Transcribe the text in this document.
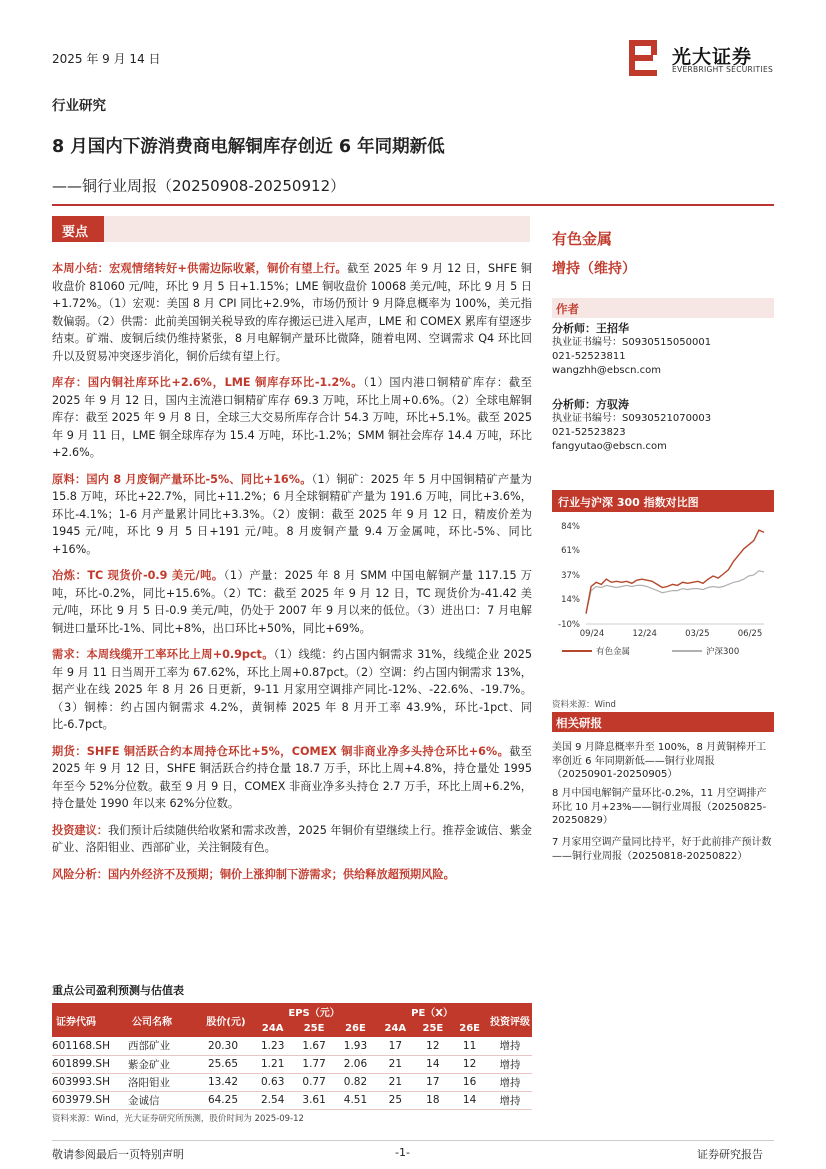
2025 年 9 月 14 日	光大证券
EVERBRIGHT SECURITIES
行业研究
8 月国内下游消费商电解铜库存创近 6 年同期新低
——铜行业周报（20250908-20250912）
要点

本周小结：宏观情绪转好+供需边际收紧，铜价有望上行。截至 2025 年 9 月 12 日，SHFE 铜收盘价 81060 元/吨，环比 9 月 5 日+1.15%；LME 铜收盘价 10068 美元/吨，环比 9 月 5 日+1.72%。（1）宏观：美国 8 月 CPI 同比+2.9%，市场仍预计 9 月降息概率为 100%，美元指数偏弱。（2）供需：此前美国铜关税导致的库存搬运已进入尾声，LME 和 COMEX 累库有望逐步结束。矿端、废铜后续仍维持紧张，8 月电解铜产量环比微降，随着电网、空调需求 Q4 环比回升以及贸易冲突逐步消化，铜价后续有望上行。

库存：国内铜社库环比+2.6%，LME 铜库存环比-1.2%。（1）国内港口铜精矿库存：截至 2025 年 9 月 12 日，国内主流港口铜精矿库存 69.3 万吨，环比上周+0.6%。（2）全球电解铜库存：截至 2025 年 9 月 8 日，全球三大交易所库存合计 54.3 万吨，环比+5.1%。截至 2025 年 9 月 11 日，LME 铜全球库存为 15.4 万吨，环比-1.2%；SMM 铜社会库存 14.4 万吨，环比+2.6%。

原料：国内 8 月废铜产量环比-5%、同比+16%。（1）铜矿：2025 年 5 月中国铜精矿产量为 15.8 万吨，环比+22.7%，同比+11.2%；6 月全球铜精矿产量为 191.6 万吨，同比+3.6%，环比-4.1%；1-6 月产量累计同比+3.3%。（2）废铜：截至 2025 年 9 月 12 日，精废价差为 1945 元/吨，环比 9 月 5 日+191 元/吨。8 月废铜产量 9.4 万金属吨，环比-5%、同比+16%。

冶炼：TC 现货价-0.9 美元/吨。（1）产量：2025 年 8 月 SMM 中国电解铜产量 117.15 万吨，环比-0.2%，同比+15.6%。（2）TC：截至 2025 年 9 月 12 日，TC 现货价为-41.42 美元/吨，环比 9 月 5 日-0.9 美元/吨，仍处于 2007 年 9 月以来的低位。（3）进出口：7 月电解铜进口量环比-1%、同比+8%，出口环比+50%，同比+69%。

需求：本周线缆开工率环比上周+0.9pct。（1）线缆：约占国内铜需求 31%，线缆企业 2025 年 9 月 11 日当周开工率为 67.62%，环比上周+0.87pct。（2）空调：约占国内铜需求 13%，据产业在线 2025 年 8 月 26 日更新，9-11 月家用空调排产同比-12%、-22.6%、-19.7%。（3）铜棒：约占国内铜需求 4.2%，黄铜棒 2025 年 8 月开工率 43.9%，环比-1pct、同比-6.7pct。

期货：SHFE 铜活跃合约本周持仓环比+5%，COMEX 铜非商业净多头持仓环比+6%。截至 2025 年 9 月 12 日，SHFE 铜活跃合约持仓量 18.7 万手，环比上周+4.8%，持仓量处 1995 年至今 52%分位数。截至 9 月 9 日，COMEX 非商业净多头持仓 2.7 万手，环比上周+6.2%，持仓量处 1990 年以来 62%分位数。

投资建议：我们预计后续随供给收紧和需求改善，2025 年铜价有望继续上行。推荐金诚信、紫金矿业、洛阳钼业、西部矿业，关注铜陵有色。

风险分析：国内外经济不及预期；铜价上涨抑制下游需求；供给释放超预期风险。

有色金属
增持（维持）
作者
分析师：王招华
执业证书编号：S0930515050001
021-52523811
wangzhh@ebscn.com
分析师：方驭涛
执业证书编号：S0930521070003
021-52523823
fangyutao@ebscn.com
行业与沪深 300 指数对比图
84%
61%
37%
14%
-10%
09/24	12/24	03/25	06/25
有色金属	沪深300
资料来源：Wind
相关研报
美国 9 月降息概率升至 100%，8 月黄铜棒开工率创近 6 年同期新低——铜行业周报（20250901-20250905）
8 月中国电解铜产量环比-0.2%，11 月空调排产环比 10 月+23%——铜行业周报（20250825-20250829）
7 月家用空调产量同比持平，好于此前排产预计数——铜行业周报（20250818-20250822）
重点公司盈利预测与估值表
证券代码	公司名称	股价(元)	EPS（元）			PE（X）			投资评级
			24A	25E	26E	24A	25E	26E	
601168.SH	西部矿业	20.30	1.23	1.67	1.93	17	12	11	增持
601899.SH	紫金矿业	25.65	1.21	1.77	2.06	21	14	12	增持
603993.SH	洛阳钼业	13.42	0.63	0.77	0.82	21	17	16	增持
603979.SH	金诚信	64.25	2.54	3.61	4.51	25	18	14	增持
资料来源：Wind，光大证券研究所预测，股价时间为 2025-09-12
敬请参阅最后一页特别声明	-1-	证券研究报告
